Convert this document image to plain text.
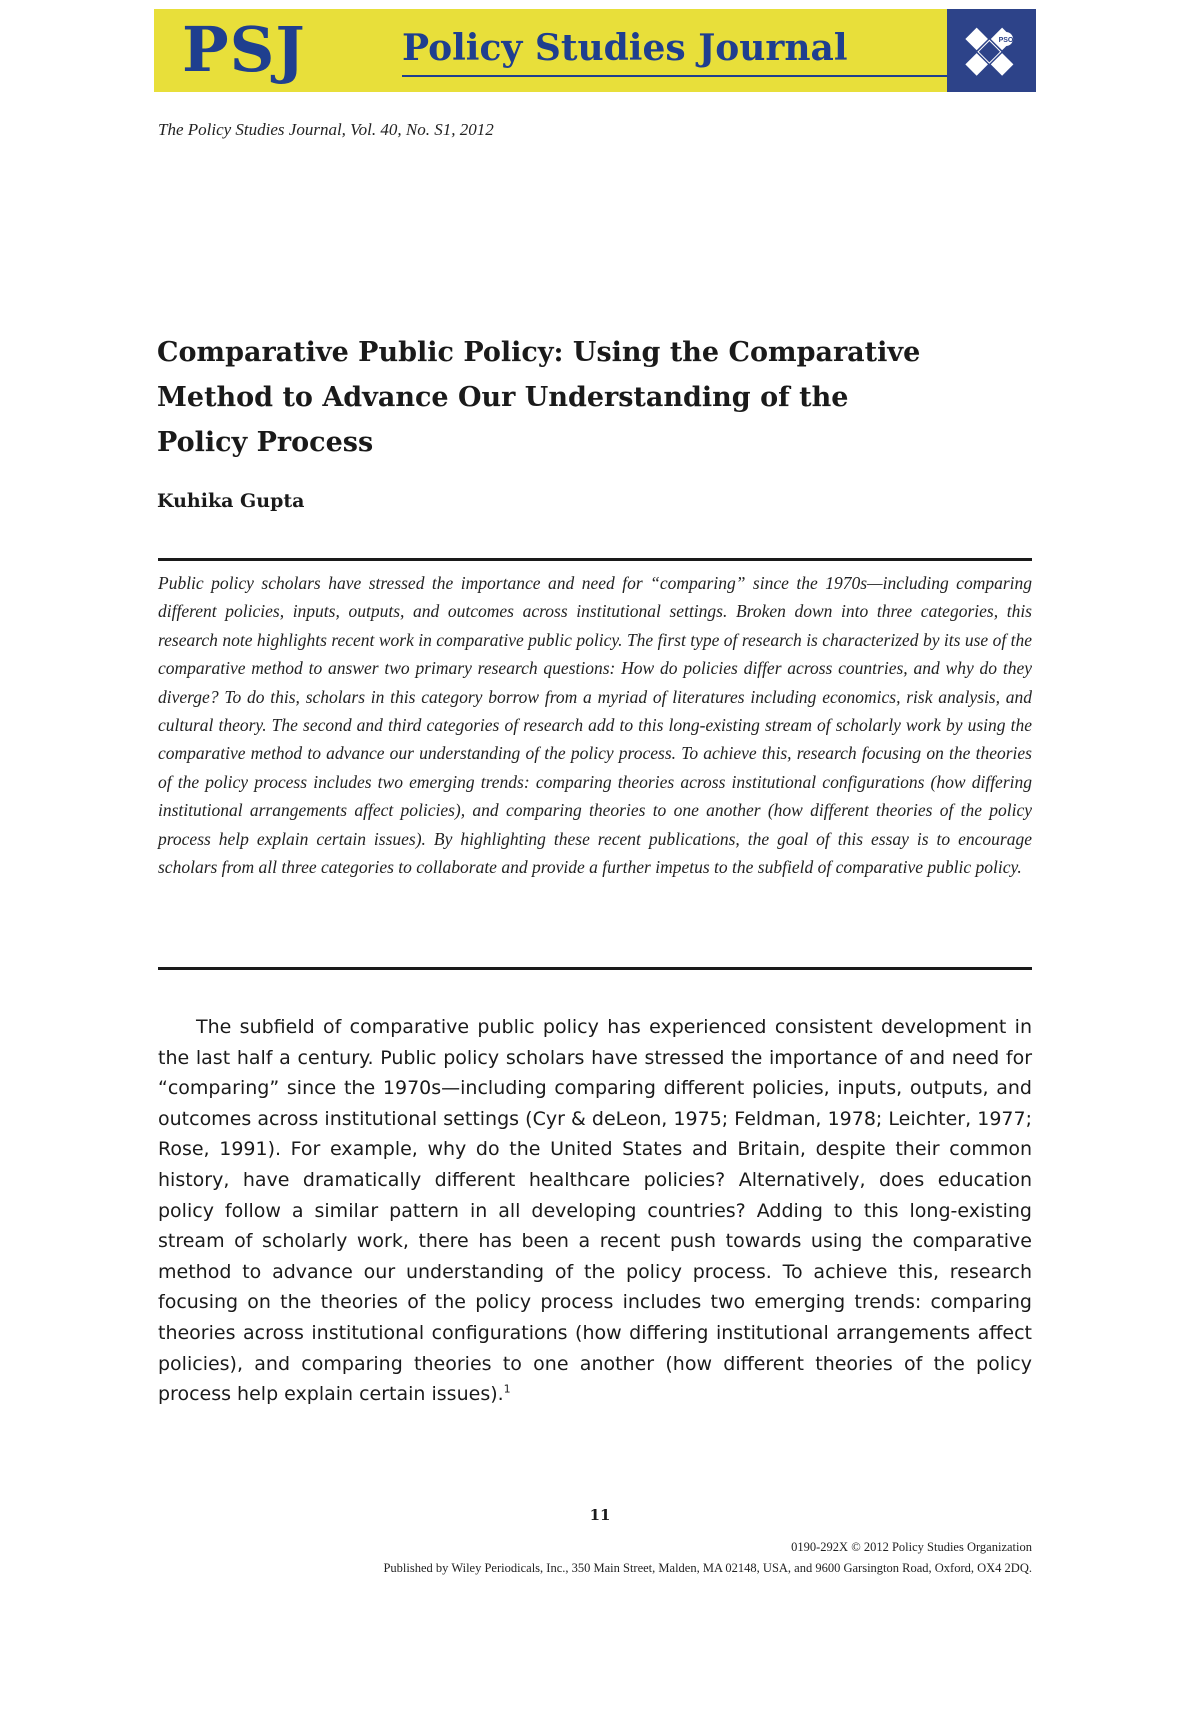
PSJ	Policy Studies Journal	PSO
The Policy Studies Journal, Vol. 40, No. S1, 2012
Comparative Public Policy: Using the Comparative
Method to Advance Our Understanding of the
Policy Process
Kuhika Gupta

Public policy scholars have stressed the importance and need for “comparing” since the 1970s—including comparing different policies, inputs, outputs, and outcomes across institutional settings. Broken down into three categories, this research note highlights recent work in comparative public policy. The first type of research is characterized by its use of the comparative method to answer two primary research questions: How do policies differ across countries, and why do they diverge? To do this, scholars in this category borrow from a myriad of literatures including economics, risk analysis, and cultural theory. The second and third categories of research add to this long-existing stream of scholarly work by using the comparative method to advance our understanding of the policy process. To achieve this, research focusing on the theories of the policy process includes two emerging trends: comparing theories across institutional configurations (how differing institutional arrangements affect policies), and comparing theories to one another (how different theories of the policy process help explain certain issues). By highlighting these recent publications, the goal of this essay is to encourage scholars from all three categories to collaborate and provide a further impetus to the subfield of comparative public policy.

The subfield of comparative public policy has experienced consistent development in the last half a century. Public policy scholars have stressed the importance of and need for “comparing” since the 1970s—including comparing different policies, inputs, outputs, and outcomes across institutional settings (Cyr & deLeon, 1975; Feldman, 1978; Leichter, 1977; Rose, 1991). For example, why do the United States and Britain, despite their common history, have dramatically different healthcare policies? Alternatively, does education policy follow a similar pattern in all developing countries? Adding to this long-existing stream of scholarly work, there has been a recent push towards using the comparative method to advance our understanding of the policy process. To achieve this, research focusing on the theories of the policy process includes two emerging trends: comparing theories across institutional configurations (how differing institutional arrangements affect policies), and comparing theories to one another (how different theories of the policy process help explain certain issues).$^1$

11
0190-292X © 2012 Policy Studies Organization
Published by Wiley Periodicals, Inc., 350 Main Street, Malden, MA 02148, USA, and 9600 Garsington Road, Oxford, OX4 2DQ.
